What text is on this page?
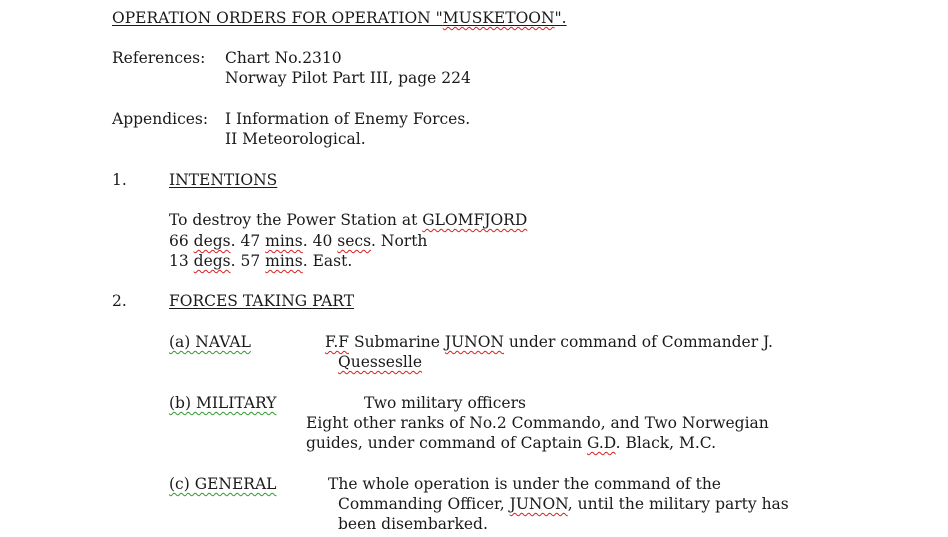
OPERATION ORDERS FOR OPERATION "MUSKETOON".
References: Chart No.2310
Norway Pilot Part III, page 224
Appendices: I Information of Enemy Forces.
II Meteorological.
1.	INTENTIONS
To destroy the Power Station at GLOMFJORD
66 degs. 47 mins. 40 secs. North
13 degs. 57 mins. East.
2.	FORCES TAKING PART
(a) NAVAL	F.F Submarine JUNON under command of Commander J.
Quesseslle
(b) MILITARY	Two military officers
Eight other ranks of No.2 Commando, and Two Norwegian
guides, under command of Captain G.D. Black, M.C.
(c) GENERAL	The whole operation is under the command of the
Commanding Officer, JUNON, until the military party has
been disembarked.
